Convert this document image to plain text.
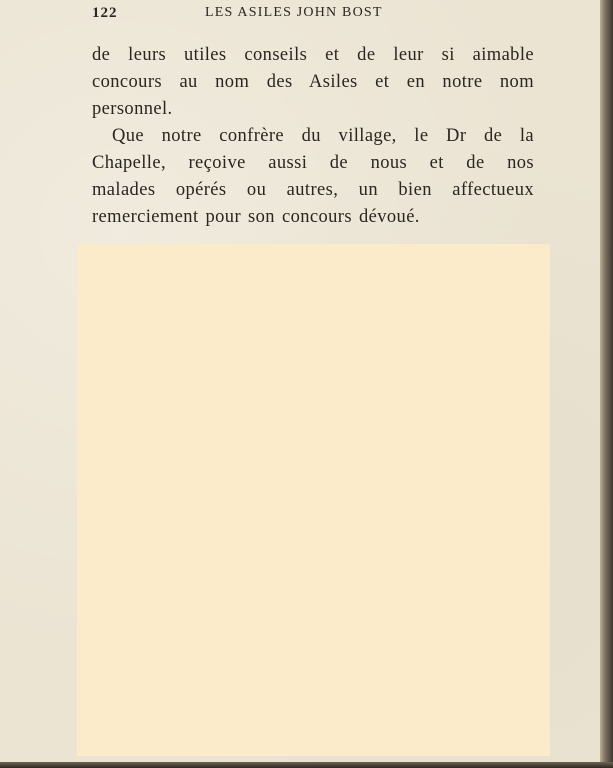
122	LES ASILES JOHN BOST
de leurs utiles conseils et de leur si aimable
concours au nom des Asiles et en notre nom
personnel.
Que notre confrère du village, le Dr de la
Chapelle, reçoive aussi de nous et de nos
malades opérés ou autres, un bien affectueux
remerciement pour son concours dévoué.
